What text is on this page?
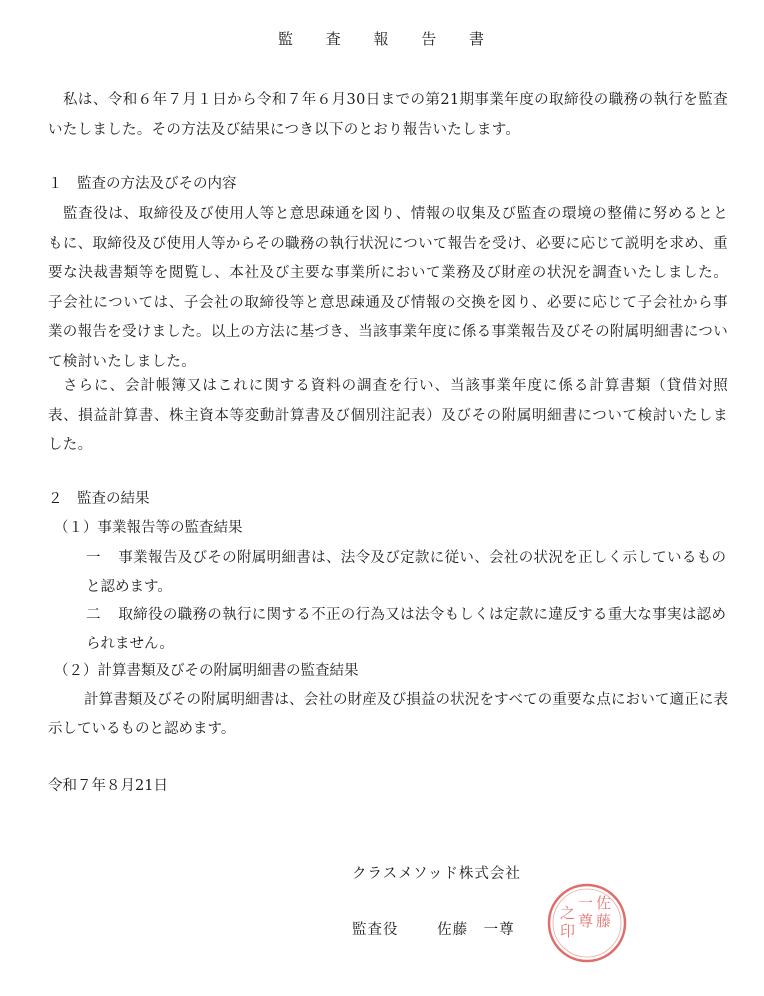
監 査 報 告 書
私は、令和６年７月１日から令和７年６月30日までの第21期事業年度の取締役の職務の執行を監査いたしました。その方法及び結果につき以下のとおり報告いたします。
１　監査の方法及びその内容
監査役は、取締役及び使用人等と意思疎通を図り、情報の収集及び監査の環境の整備に努めるとともに、取締役及び使用人等からその職務の執行状況について報告を受け、必要に応じて説明を求め、重要な決裁書類等を閲覧し、本社及び主要な事業所において業務及び財産の状況を調査いたしました。子会社については、子会社の取締役等と意思疎通及び情報の交換を図り、必要に応じて子会社から事業の報告を受けました。以上の方法に基づき、当該事業年度に係る事業報告及びその附属明細書について検討いたしました。
さらに、会計帳簿又はこれに関する資料の調査を行い、当該事業年度に係る計算書類（貸借対照表、損益計算書、株主資本等変動計算書及び個別注記表）及びその附属明細書について検討いたしました。
２　監査の結果
（１）事業報告等の監査結果
一 事業報告及びその附属明細書は、法令及び定款に従い、会社の状況を正しく示しているものと認めます。
二 取締役の職務の執行に関する不正の行為又は法令もしくは定款に違反する重大な事実は認められません。
（２）計算書類及びその附属明細書の監査結果
計算書類及びその附属明細書は、会社の財産及び損益の状況をすべての重要な点において適正に表示しているものと認めます。
令和７年８月21日
クラスメソッド株式会社
監査役	佐藤　一尊
佐
藤
一
尊
之
印
